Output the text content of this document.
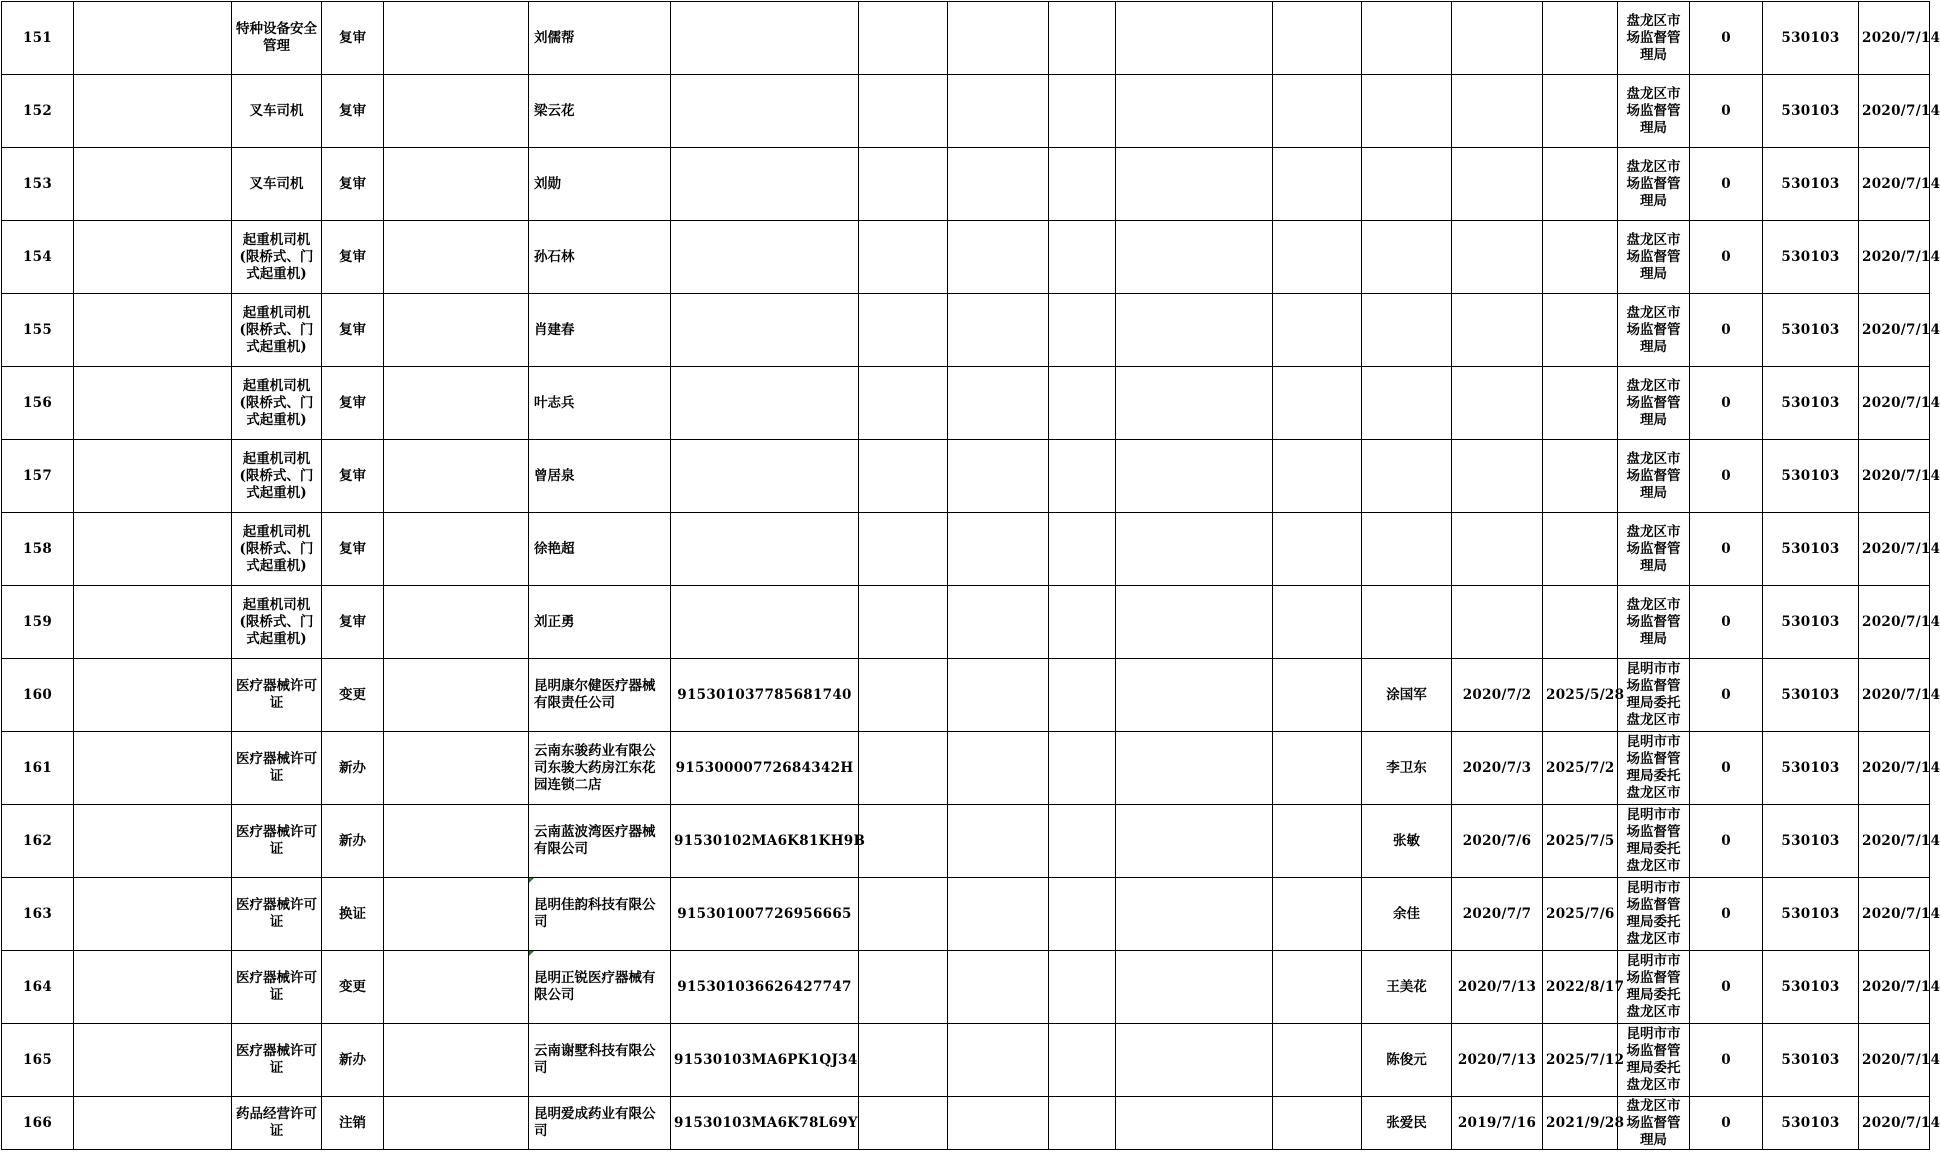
151		特种设备安全管理	复审		刘儒帮										盘龙区市场监督管理局	0	530103	2020/7/14
152		叉车司机	复审		梁云花										盘龙区市场监督管理局	0	530103	2020/7/14
153		叉车司机	复审		刘勋										盘龙区市场监督管理局	0	530103	2020/7/14
154		起重机司机(限桥式、门式起重机)	复审		孙石林										盘龙区市场监督管理局	0	530103	2020/7/14
155		起重机司机(限桥式、门式起重机)	复审		肖建春										盘龙区市场监督管理局	0	530103	2020/7/14
156		起重机司机(限桥式、门式起重机)	复审		叶志兵										盘龙区市场监督管理局	0	530103	2020/7/14
157		起重机司机(限桥式、门式起重机)	复审		曾居泉										盘龙区市场监督管理局	0	530103	2020/7/14
158		起重机司机(限桥式、门式起重机)	复审		徐艳超										盘龙区市场监督管理局	0	530103	2020/7/14
159		起重机司机(限桥式、门式起重机)	复审		刘正勇										盘龙区市场监督管理局	0	530103	2020/7/14
160		医疗器械许可证	变更		昆明康尔健医疗器械有限责任公司	915301037785681740						涂国军	2020/7/2	2025/5/28	昆明市市场监督管理局委托盘龙区市	0	530103	2020/7/14
161		医疗器械许可证	新办		云南东骏药业有限公司东骏大药房江东花园连锁二店	91530000772684342H						李卫东	2020/7/3	2025/7/2	昆明市市场监督管理局委托盘龙区市	0	530103	2020/7/14
162		医疗器械许可证	新办		云南蓝波湾医疗器械有限公司	91530102MA6K81KH9B						张敏	2020/7/6	2025/7/5	昆明市市场监督管理局委托盘龙区市	0	530103	2020/7/14
163		医疗器械许可证	换证		昆明佳韵科技有限公司	915301007726956665						余佳	2020/7/7	2025/7/6	昆明市市场监督管理局委托盘龙区市	0	530103	2020/7/14
164		医疗器械许可证	变更		昆明正锐医疗器械有限公司	915301036626427747						王美花	2020/7/13	2022/8/17	昆明市市场监督管理局委托盘龙区市	0	530103	2020/7/14
165		医疗器械许可证	新办		云南谢墅科技有限公司	91530103MA6PK1QJ34						陈俊元	2020/7/13	2025/7/12	昆明市市场监督管理局委托盘龙区市	0	530103	2020/7/14
166		药品经营许可证	注销		昆明爱成药业有限公司	91530103MA6K78L69Y						张爱民	2019/7/16	2021/9/28	盘龙区市场监督管理局	0	530103	2020/7/14
